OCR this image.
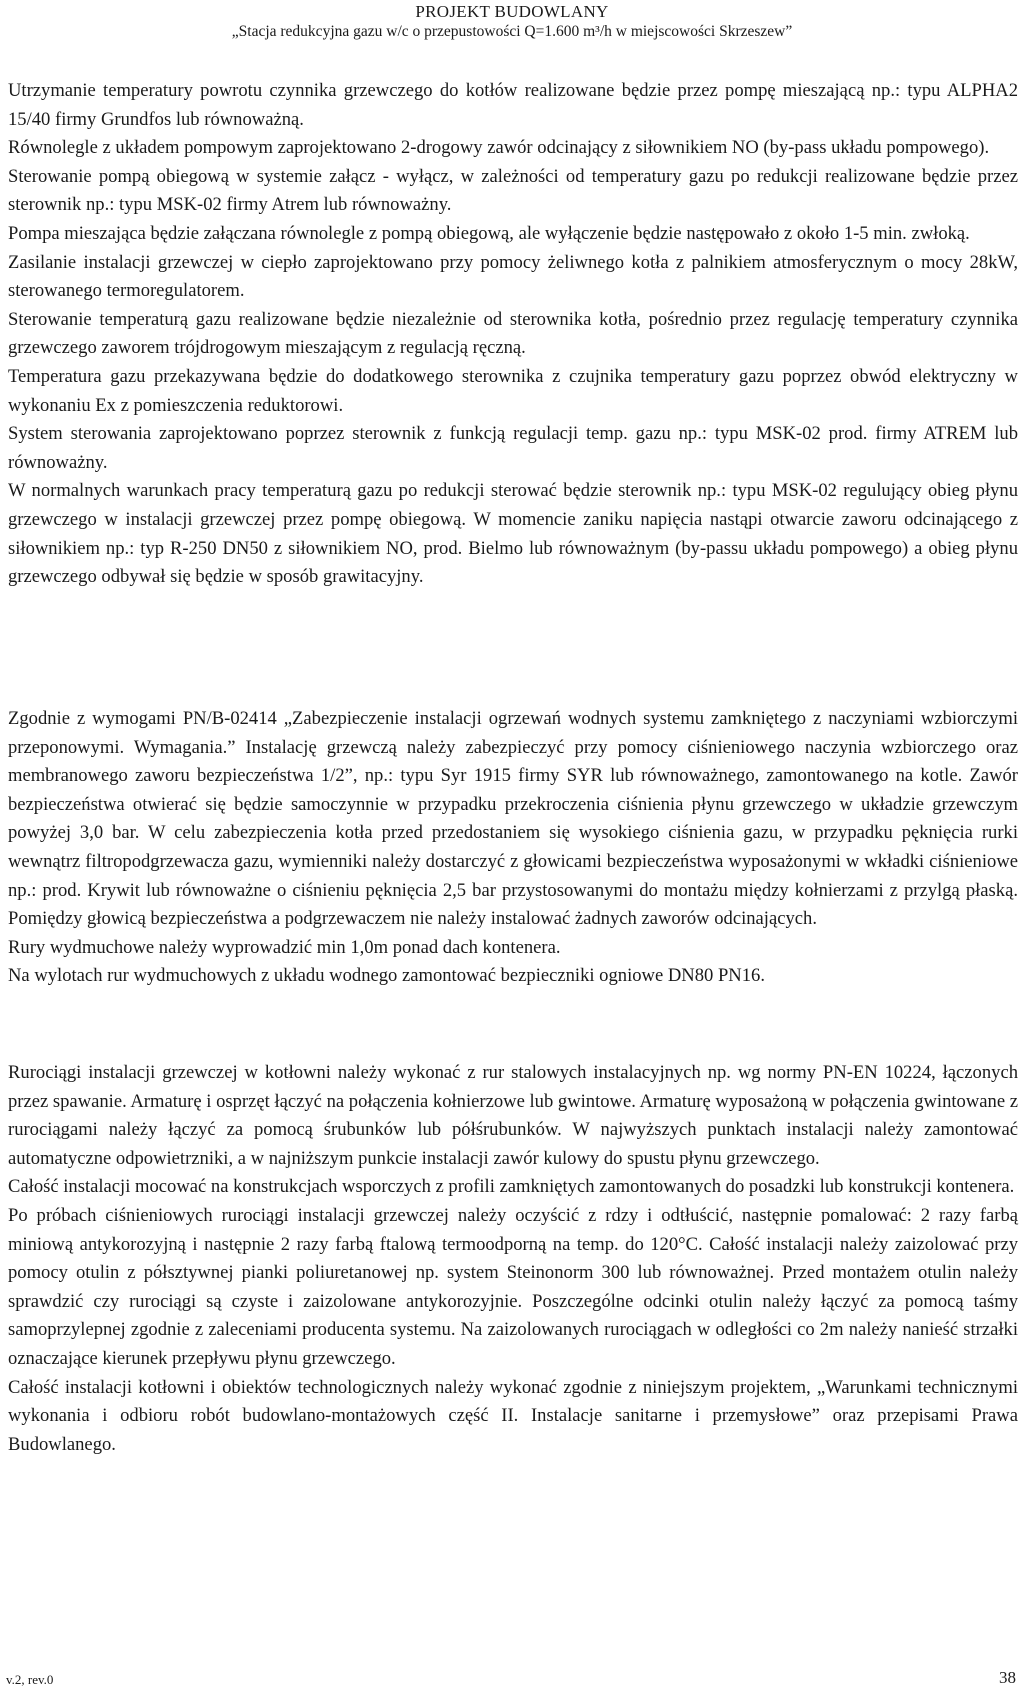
PROJEKT BUDOWLANY
„Stacja redukcyjna gazu w/c o przepustowości Q=1.600 m³/h w miejscowości Skrzeszew”

Utrzymanie temperatury powrotu czynnika grzewczego do kotłów realizowane będzie przez pompę mieszającą np.: typu ALPHA2 15/40 firmy Grundfos lub równoważną.

Równolegle z układem pompowym zaprojektowano 2-drogowy zawór odcinający z siłownikiem NO (by-pass układu pompowego).

Sterowanie pompą obiegową w systemie załącz - wyłącz, w zależności od temperatury gazu po redukcji realizowane będzie przez sterownik np.: typu MSK-02 firmy Atrem lub równoważny.

Pompa mieszająca będzie załączana równolegle z pompą obiegową, ale wyłączenie będzie następowało z około 1-5 min. zwłoką.

Zasilanie instalacji grzewczej w ciepło zaprojektowano przy pomocy żeliwnego kotła z palnikiem atmosferycznym o mocy 28kW, sterowanego termoregulatorem.

Sterowanie temperaturą gazu realizowane będzie niezależnie od sterownika kotła, pośrednio przez regulację temperatury czynnika grzewczego zaworem trójdrogowym mieszającym z regulacją ręczną.

Temperatura gazu przekazywana będzie do dodatkowego sterownika z czujnika temperatury gazu poprzez obwód elektryczny w wykonaniu Ex z pomieszczenia reduktorowi.

System sterowania zaprojektowano poprzez sterownik z funkcją regulacji temp. gazu np.: typu MSK-02 prod. firmy ATREM lub równoważny.

W normalnych warunkach pracy temperaturą gazu po redukcji sterować będzie sterownik np.: typu MSK-02 regulujący obieg płynu grzewczego w instalacji grzewczej przez pompę obiegową. W momencie zaniku napięcia nastąpi otwarcie zaworu odcinającego z siłownikiem np.: typ R-250 DN50 z siłownikiem NO, prod. Bielmo lub równoważnym (by-passu układu pompowego) a obieg płynu grzewczego odbywał się będzie w sposób grawitacyjny.

Zgodnie z wymogami PN/B-02414 „Zabezpieczenie instalacji ogrzewań wodnych systemu zamkniętego z naczyniami wzbiorczymi przeponowymi. Wymagania.” Instalację grzewczą należy zabezpieczyć przy pomocy ciśnieniowego naczynia wzbiorczego oraz membranowego zaworu bezpieczeństwa 1/2”, np.: typu Syr 1915 firmy SYR lub równoważnego, zamontowanego na kotle. Zawór bezpieczeństwa otwierać się będzie samoczynnie w przypadku przekroczenia ciśnienia płynu grzewczego w układzie grzewczym powyżej 3,0 bar. W celu zabezpieczenia kotła przed przedostaniem się wysokiego ciśnienia gazu, w przypadku pęknięcia rurki wewnątrz filtropodgrzewacza gazu, wymienniki należy dostarczyć z głowicami bezpieczeństwa wyposażonymi w wkładki ciśnieniowe np.: prod. Krywit lub równoważne o ciśnieniu pęknięcia 2,5 bar przystosowanymi do montażu między kołnierzami z przylgą płaską. Pomiędzy głowicą bezpieczeństwa a podgrzewaczem nie należy instalować żadnych zaworów odcinających.

Rury wydmuchowe należy wyprowadzić min 1,0m ponad dach kontenera.

Na wylotach rur wydmuchowych z układu wodnego zamontować bezpieczniki ogniowe DN80 PN16.

Rurociągi instalacji grzewczej w kotłowni należy wykonać z rur stalowych instalacyjnych np. wg normy PN-EN 10224, łączonych przez spawanie. Armaturę i osprzęt łączyć na połączenia kołnierzowe lub gwintowe. Armaturę wyposażoną w połączenia gwintowane z rurociągami należy łączyć za pomocą śrubunków lub półśrubunków. W najwyższych punktach instalacji należy zamontować automatyczne odpowietrzniki, a w najniższym punkcie instalacji zawór kulowy do spustu płynu grzewczego.

Całość instalacji mocować na konstrukcjach wsporczych z profili zamkniętych zamontowanych do posadzki lub konstrukcji kontenera.

Po próbach ciśnieniowych rurociągi instalacji grzewczej należy oczyścić z rdzy i odtłuścić, następnie pomalować: 2 razy farbą miniową antykorozyjną i następnie 2 razy farbą ftalową termoodporną na temp. do 120°C. Całość instalacji należy zaizolować przy pomocy otulin z półsztywnej pianki poliuretanowej np. system Steinonorm 300 lub równoważnej. Przed montażem otulin należy sprawdzić czy rurociągi są czyste i zaizolowane antykorozyjnie. Poszczególne odcinki otulin należy łączyć za pomocą taśmy samoprzylepnej zgodnie z zaleceniami producenta systemu. Na zaizolowanych rurociągach w odległości co 2m należy nanieść strzałki oznaczające kierunek przepływu płynu grzewczego.

Całość instalacji kotłowni i obiektów technologicznych należy wykonać zgodnie z niniejszym projektem, „Warunkami technicznymi wykonania i odbioru robót budowlano-montażowych część II. Instalacje sanitarne i przemysłowe” oraz przepisami Prawa Budowlanego.

v.2, rev.0	38
